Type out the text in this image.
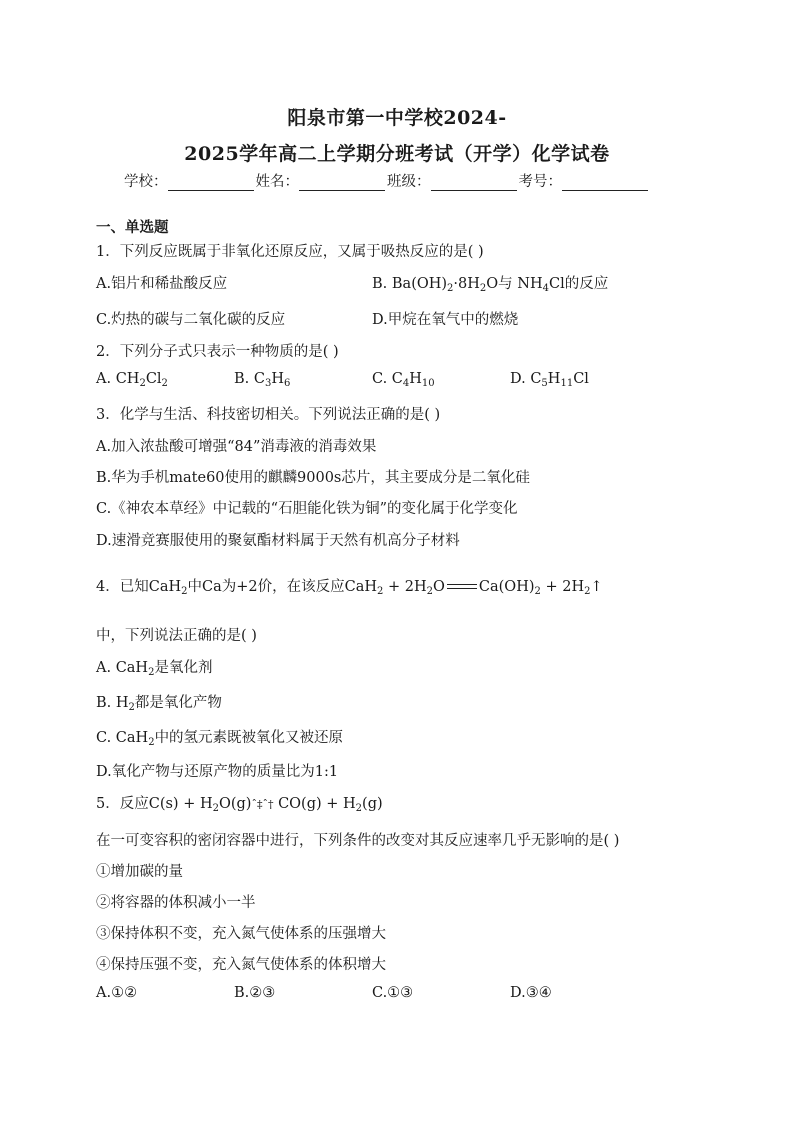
阳泉市第一中学校2024-
2025学年高二上学期分班考试（开学）化学试卷
学校：	姓名：	班级：	考号：
一、单选题
1．下列反应既属于非氧化还原反应，又属于吸热反应的是( )
A.铝片和稀盐酸反应	B. $Ba(OH)_2\cdot 8H_2O$与 $NH_4Cl$的反应
C.灼热的碳与二氧化碳的反应	D.甲烷在氧气中的燃烧
2．下列分子式只表示一种物质的是( )
A. $CH_2Cl_2$	B. $C_3H_6$	C. $C_4H_{10}$	D. $C_5H_{11}Cl$
3．化学与生活、科技密切相关。下列说法正确的是( )
A.加入浓盐酸可增强“84”消毒液的消毒效果
B.华为手机mate60使用的麒麟9000s芯片，其主要成分是二氧化硅
C.《神农本草经》中记载的“石胆能化铁为铜”的变化属于化学变化
D.速滑竞赛服使用的聚氨酯材料属于天然有机高分子材料
4．已知CaH$_2$中Ca为+2价，在该反应$CaH_2 + 2H_2O$ $Ca(OH)_2$ + $2H_2↑$
中，下列说法正确的是( )
A. CaH$_2$是氧化剂
B. $H_2$都是氧化产物
C. CaH$_2$中的氢元素既被氧化又被还原
D.氧化产物与还原产物的质量比为1:1
5．反应$C(s) + H_2O(g)ˆ\ddagger ˆ\dagger$ $CO(g) + H_2(g)$
在一可变容积的密闭容器中进行，下列条件的改变对其反应速率几乎无影响的是( )
①增加碳的量
②将容器的体积减小一半
③保持体积不变，充入氮气使体系的压强增大
④保持压强不变，充入氮气使体系的体积增大
A.①②	B.②③	C.①③	D.③④
